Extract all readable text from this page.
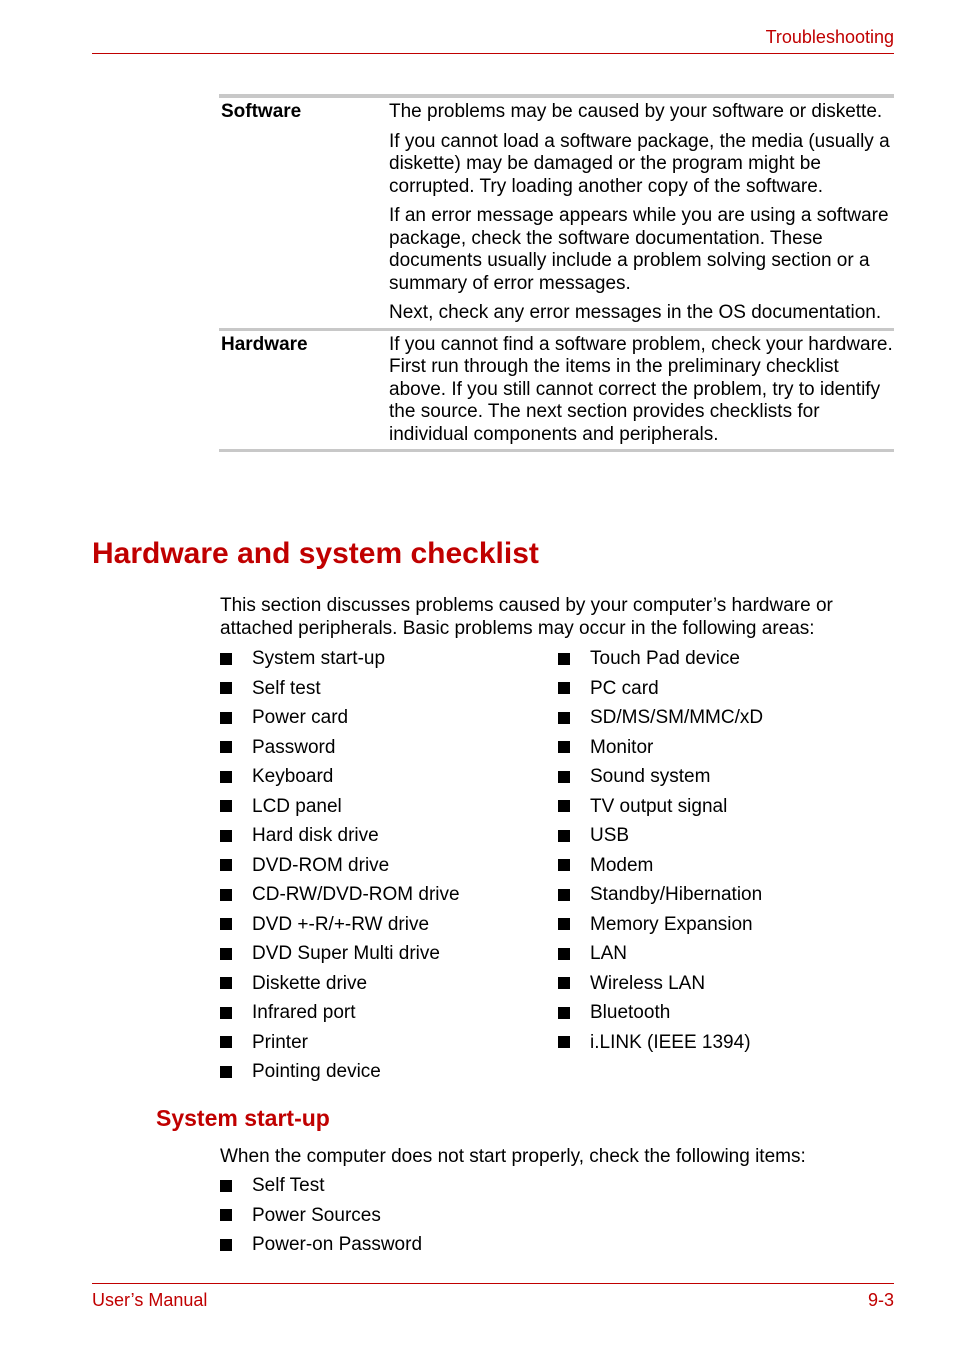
Troubleshooting
Software	The problems may be caused by your software or diskette.

If you cannot load a software package, the media (usually a diskette) may be damaged or the program might be corrupted. Try loading another copy of the software.

If an error message appears while you are using a software package, check the software documentation. These documents usually include a problem solving section or a summary of error messages.

Next, check any error messages in the OS documentation.

Hardware	If you cannot find a software problem, check your hardware. First run through the items in the preliminary checklist above. If you still cannot correct the problem, try to identify the source. The next section provides checklists for individual components and peripherals.

Hardware and system checklist

This section discusses problems caused by your computer’s hardware or attached peripherals. Basic problems may occur in the following areas:

System start-up
Self test
Power card
Password
Keyboard
LCD panel
Hard disk drive
DVD-ROM drive
CD-RW/DVD-ROM drive
DVD +-R/+-RW drive
DVD Super Multi drive
Diskette drive
Infrared port
Printer
Pointing device
Touch Pad device
PC card
SD/MS/SM/MMC/xD
Monitor
Sound system
TV output signal
USB
Modem
Standby/Hibernation
Memory Expansion
LAN
Wireless LAN
Bluetooth
i.LINK (IEEE 1394)
System start-up

When the computer does not start properly, check the following items:

Self Test
Power Sources
Power-on Password
User’s Manual	9-3
